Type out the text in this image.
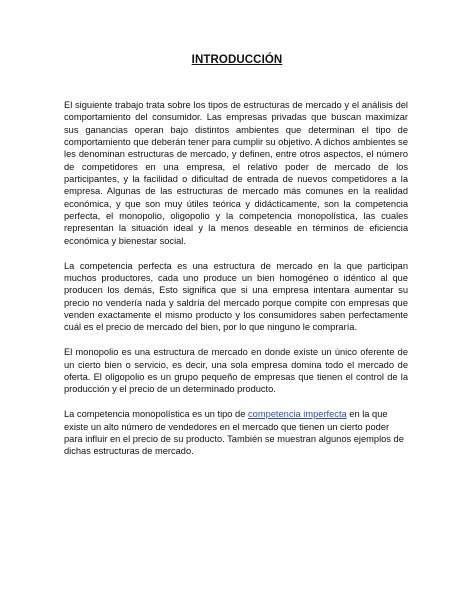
INTRODUCCIÓN

El siguiente trabajo trata sobre los tipos de estructuras de mercado y el análisis del comportamiento del consumidor. Las empresas privadas que buscan maximizar sus ganancias operan bajo distintos ambientes que determinan el tipo de comportamiento que deberán tener para cumplir su objetivo. A dichos ambientes se les denominan estructuras de mercado, y definen, entre otros aspectos, el número de competidores en una empresa, el relativo poder de mercado de los participantes, y la facilidad o dificultad de entrada de nuevos competidores a la empresa. Algunas de las estructuras de mercado más comunes en la realidad económica, y que son muy útiles teórica y didácticamente, son la competencia perfecta, el monopolio, oligopolio y la competencia monopolística, las cuales representan la situación ideal y la menos deseable en términos de eficiencia económica y bienestar social.

La competencia perfecta es una estructura de mercado en la que participan muchos productores, cada uno produce un bien homogéneo o idéntico al que producen los demás, Esto significa que si una empresa intentara aumentar su precio no vendería nada y saldría del mercado porque compite con empresas que venden exactamente el mismo producto y los consumidores saben perfectamente cuál es el precio de mercado del bien, por lo que ninguno le compraría.

El monopolio es una estructura de mercado en donde existe un único oferente de un cierto bien o servicio, es decir, una sola empresa domina todo el mercado de oferta. El oligopolio es un grupo pequeño de empresas que tienen el control de la producción y el precio de un determinado producto.

La competencia monopolística es un tipo de competencia imperfecta en la que existe un alto número de vendedores en el mercado que tienen un cierto poder para influir en el precio de su producto. También se muestran algunos ejemplos de dichas estructuras de mercado.
